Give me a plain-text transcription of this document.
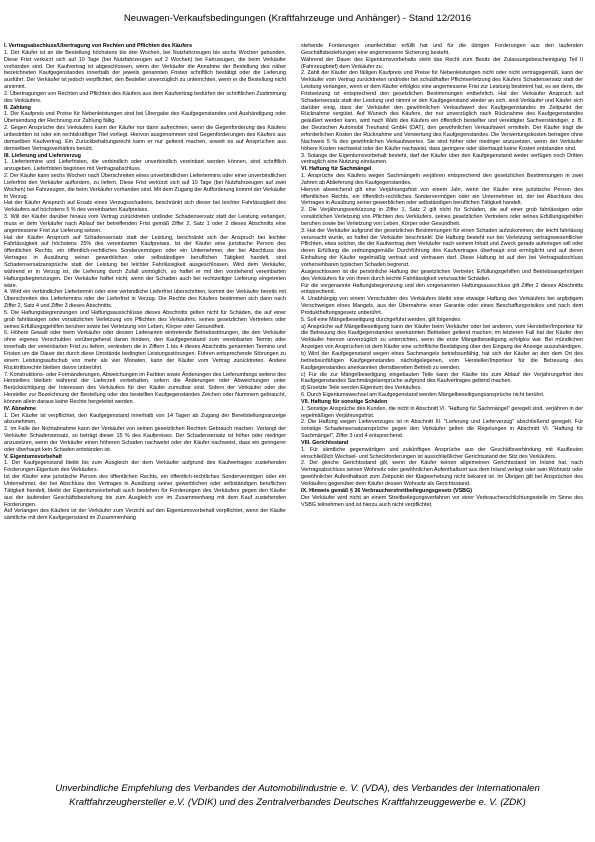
Neuwagen-Verkaufsbedingungen (Kraftfahrzeuge und Anhänger) - Stand 12/2016
I. Vertragsabschluss/Übertragung von Rechten und Pflichten des Käufers

1. Der Käufer ist an die Bestellung höchstens bis drei Wochen, bei Nutzfahrzeugen bis sechs Wochen gebunden. Diese Frist verkürzt sich auf 10 Tage (bei Nutzfahrzeugen auf 2 Wochen) bei Fahrzeugen, die beim Verkäufer vorhanden sind. Der Kaufvertrag ist abgeschlossen, wenn der Verkäufer die Annahme der Bestellung des näher bezeichneten Kaufgegenstandes innerhalb der jeweils genannten Fristen schriftlich bestätigt oder die Lieferung ausführt. Der Verkäufer ist jedoch verpflichtet, den Besteller unverzüglich zu unterrichten, wenn er die Bestellung nicht annimmt.

2. Übertragungen von Rechten und Pflichten des Käufers aus dem Kaufvertrag bedürfen der schriftlichen Zustimmung des Verkäufers.

II. Zahlung

1. Der Kaufpreis und Preise für Nebenleistungen sind bei Übergabe des Kaufgegenstandes und Aushändigung oder Übersendung der Rechnung zur Zahlung fällig.

2. Gegen Ansprüche des Verkäufers kann der Käufer nur dann aufrechnen, wenn die Gegenforderung des Käufers unbestritten ist oder ein rechtskräftiger Titel vorliegt. Hiervon ausgenommen sind Gegenforderungen des Käufers aus demselben Kaufvertrag. Ein Zurückbehaltungsrecht kann er nur geltend machen, soweit es auf Ansprüchen aus demselben Vertragsverhältnis beruht.

III. Lieferung und Lieferverzug

1. Liefertermine und Lieferfristen, die verbindlich oder unverbindlich vereinbart werden können, sind schriftlich anzugeben. Lieferfristen beginnen mit Vertragsabschluss.

2. Der Käufer kann sechs Wochen nach Überschreiten eines unverbindlichen Liefertermins oder einer unverbindlichen Lieferfrist den Verkäufer auffordern, zu liefern. Diese Frist verkürzt sich auf 10 Tage (bei Nutzfahrzeugen auf zwei Wochen) bei Fahrzeugen, die beim Verkäufer vorhanden sind. Mit dem Zugang der Aufforderung kommt der Verkäufer in Verzug.

Hat der Käufer Anspruch auf Ersatz eines Verzugsschadens, beschränkt sich dieser bei leichter Fahrlässigkeit des Verkäufers auf höchstens 5 % des vereinbarten Kaufpreises.

3. Will der Käufer darüber hinaus vom Vertrag zurücktreten und/oder Schadensersatz statt der Leistung verlangen, muss er dem Verkäufer nach Ablauf der betreffenden Frist gemäß Ziffer 2, Satz 1 oder 2 dieses Abschnitts eine angemessene Frist zur Lieferung setzen.

Hat der Käufer Anspruch auf Schadensersatz statt der Leistung, beschränkt sich der Anspruch bei leichter Fahrlässigkeit auf höchstens 25% des vereinbarten Kaufpreises. Ist der Käufer eine juristische Person des öffentlichen Rechts, ein öffentlich-rechtliches Sondervermögen oder ein Unternehmer, der bei Abschluss des Vertrages in Ausübung seiner gewerblichen oder selbständigen beruflichen Tätigkeit handelt, sind Schadensersatzansprüche statt der Leistung bei leichter Fahrlässigkeit ausgeschlossen. Wird dem Verkäufer, während er in Verzug ist, die Lieferung durch Zufall unmöglich, so haftet er mit den vorstehend vereinbarten Haftungsbegrenzungen. Der Verkäufer haftet nicht, wenn der Schaden auch bei rechtzeitiger Lieferung eingetreten wäre.

4. Wird ein verbindlicher Liefertermin oder eine verbindliche Lieferfrist überschritten, kommt der Verkäufer bereits mit Überschreiten des Liefertermins oder der Lieferfrist in Verzug. Die Rechte des Käufers bestimmen sich dann nach Ziffer 2, Satz 4 und Ziffer 3 dieses Abschnitts.

5. Die Haftungsbegrenzungen und Haftungsausschlüsse dieses Abschnitts gelten nicht für Schäden, die auf einer grob fahrlässigen oder vorsätzlichen Verletzung von Pflichten des Verkäufers, seines gesetzlichen Vertreters oder seines Erfüllungsgehilfen beruhen sowie bei Verletzung von Leben, Körper oder Gesundheit.

6. Höhere Gewalt oder beim Verkäufer oder dessen Lieferanten eintretende Betriebsstörungen, die den Verkäufer ohne eigenes Verschulden vorübergehend daran hindern, den Kaufgegenstand zum vereinbarten Termin oder innerhalb der vereinbarten Frist zu liefern, verändern die in Ziffern 1 bis 4 dieses Abschnitts genannten Termine und Fristen um die Dauer der durch diese Umstände bedingten Leistungsstörungen. Führen entsprechende Störungen zu einem Leistungsaufschub von mehr als vier Monaten, kann der Käufer vom Vertrag zurücktreten. Andere Rücktrittsrechte bleiben davon unberührt.

7. Konstruktions- oder Formänderungen, Abweichungen im Farbton sowie Änderungen des Lieferumfangs seitens des Herstellers bleiben während der Lieferzeit vorbehalten, sofern die Änderungen oder Abweichungen unter Berücksichtigung der Interessen des Verkäufers für den Käufer zumutbar sind. Sofern der Verkäufer oder der Hersteller zur Bezeichnung der Bestellung oder des bestellten Kaufgegenstandes Zeichen oder Nummern gebraucht, können allein daraus keine Rechte hergeleitet werden.

IV. Abnahme

1. Der Käufer ist verpflichtet, den Kaufgegenstand innerhalb von 14 Tagen ab Zugang der Bereitstellungsanzeige abzunehmen.

2. Im Falle der Nichtabnahme kann der Verkäufer von seinen gesetzlichen Rechten Gebrauch machen. Verlangt der Verkäufer Schadensersatz, so beträgt dieser 15 % des Kaufpreises. Der Schadensersatz ist höher oder niedriger anzusetzen, wenn der Verkäufer einen höheren Schaden nachweist oder der Käufer nachweist, dass ein geringerer oder überhaupt kein Schaden entstanden ist.

V. Eigentumsvorbehalt

1. Der Kaufgegenstand bleibt bis zum Ausgleich der dem Verkäufer aufgrund des Kaufvertrages zustehenden Forderungen Eigentum des Verkäufers.

Ist der Käufer eine juristische Person des öffentlichen Rechts, ein öffentlich-rechtliches Sondervermögen oder ein Unternehmer, der bei Abschluss des Vertrages in Ausübung seiner gewerblichen oder selbständigen beruflichen Tätigkeit handelt, bleibt der Eigentumsvorbehalt auch bestehen für Forderungen des Verkäufers gegen den Käufer aus der laufenden Geschäftsbeziehung bis zum Ausgleich von im Zusammenhang mit dem Kauf zustehenden Forderungen.

Auf Verlangen des Käufers ist der Verkäufer zum Verzicht auf den Eigentumsvorbehalt verpflichtet, wenn der Käufer sämtliche mit dem Kaufgegenstand im Zusammenhang

stehende Forderungen unanfechtbar erfüllt hat und für die übrigen Forderungen aus den laufenden Geschäftsbeziehungen eine angemessene Sicherung besteht.

Während der Dauer des Eigentumsvorbehalts steht das Recht zum Besitz der Zulassungsbescheinigung Teil II (Fahrzeugbrief) dem Verkäufer zu.

2. Zahlt der Käufer den fälligen Kaufpreis und Preise für Nebenleistungen nicht oder nicht vertragsgemäß, kann der Verkäufer vom Vertrag zurücktreten und/oder bei schuldhafter Pflichtverletzung des Käufers Schadensersatz statt der Leistung verlangen, wenn er dem Käufer erfolglos eine angemessene Frist zur Leistung bestimmt hat, es sei denn, die Fristsetzung ist entsprechend den gesetzlichen Bestimmungen entbehrlich. Hat der Verkäufer Anspruch auf Schadensersatz statt der Leistung und nimmt er den Kaufgegenstand wieder an sich, sind Verkäufer und Käufer sich darüber einig, dass der Verkäufer den gewöhnlichen Verkaufswert des Kaufgegenstandes im Zeitpunkt der Rücknahme vergütet. Auf Wunsch des Käufers, der nur unverzüglich nach Rücknahme des Kaufgegenstandes geäußert werden kann, wird nach Wahl des Käufers ein öffentlich bestellter und vereidigter Sachverständiger, z. B. der Deutschen Automobil Treuhand GmbH (DAT), den gewöhnlichen Verkaufswert ermitteln. Der Käufer trägt die erforderlichen Kosten der Rücknahme und Verwertung des Kaufgegenstandes. Die Verwertungskosten betragen ohne Nachweis 5 % des gewöhnlichen Verkaufswertes. Sie sind höher oder niedriger anzusetzen, wenn der Verkäufer höhere Kosten nachweist oder der Käufer nachweist, dass geringere oder überhaupt keine Kosten entstanden sind.

3. Solange der Eigentumsvorbehalt besteht, darf der Käufer über den Kaufgegenstand weder verfügen noch Dritten vertraglich eine Nutzung einräumen.

VI. Haftung für Sachmängel

1. Ansprüche des Käufers wegen Sachmängeln verjähren entsprechend den gesetzlichen Bestimmungen in zwei Jahren ab Ablieferung des Kaufgegenstandes.

Hiervon abweichend gilt eine Verjährungsfrist von einem Jahr, wenn der Käufer eine juristische Person des öffentlichen Rechts, ein öffentlich-rechtliches Sondervermögen oder ein Unternehmer ist, der bei Abschluss des Vertrages in Ausübung seiner gewerblichen oder selbständigen beruflichen Tätigkeit handelt.

2. Die Verjährungsverkürzung in Ziffer 1, Satz 2 gilt nicht für Schäden, die auf einer grob fahrlässigen oder vorsätzlichen Verletzung von Pflichten des Verkäufers, seines gesetzlichen Vertreters oder seines Erfüllungsgehilfen beruhen sowie bei Verletzung von Leben, Körper oder Gesundheit.

3. Hat der Verkäufer aufgrund der gesetzlichen Bestimmungen für einen Schaden aufzukommen, der leicht fahrlässig verursacht wurde, so haftet der Verkäufer beschränkt: Die Haftung besteht nur bei Verletzung vertragswesentlicher Pflichten, etwa solcher, die der Kaufvertrag dem Verkäufer nach seinem Inhalt und Zweck gerade auferlegen will oder deren Erfüllung die ordnungsgemäße Durchführung des Kaufvertrages überhaupt erst ermöglicht und auf deren Einhaltung der Käufer regelmäßig vertraut und vertrauen darf. Diese Haftung ist auf den bei Vertragsabschluss vorhersehbaren typischen Schaden begrenzt.

Ausgeschlossen ist die persönliche Haftung der gesetzlichen Vertreter, Erfüllungsgehilfen und Betriebsangehörigen des Verkäufers für von ihnen durch leichte Fahrlässigkeit verursachte Schäden.

Für die vorgenannte Haftungsbegrenzung und den vorgenannten Haftungsausschluss gilt Ziffer 2 dieses Abschnitts entsprechend.

4. Unabhängig von einem Verschulden des Verkäufers bleibt eine etwaige Haftung des Verkäufers bei arglistigem Verschweigen eines Mangels, aus der Übernahme einer Garantie oder eines Beschaffungsrisikos und nach dem Produkthaftungsgesetz unberührt.

5. Soll eine Mängelbeseitigung durchgeführt werden, gilt folgendes:

a) Ansprüche auf Mängelbeseitigung kann der Käufer beim Verkäufer oder bei anderen, vom Hersteller/Importeur für die Betreuung des Kaufgegenstandes anerkannten Betrieben geltend machen; im letzteren Fall hat der Käufer den Verkäufer hiervon unverzüglich zu unterrichten, wenn die erste Mängelbeseitigung erfolglos war. Bei mündlichen Anzeigen von Ansprüchen ist dem Käufer eine schriftliche Bestätigung über den Eingang der Anzeige auszuhändigen.

b) Wird der Kaufgegenstand wegen eines Sachmangels betriebsunfähig, hat sich der Käufer an den dem Ort des betriebsunfähigen Kaufgegenstandes nächstgelegenen, vom Hersteller/Importeur für die Betreuung des Kaufgegenstandes anerkannten dienstbereiten Betrieb zu wenden.

c) Für die zur Mängelbeseitigung eingebauten Teile kann der Käufer bis zum Ablauf der Verjährungsfrist des Kaufgegenstandes Sachmängelansprüche aufgrund des Kaufvertrages geltend machen.

d) Ersetzte Teile werden Eigentum des Verkäufers.

6. Durch Eigentumswechsel am Kaufgegenstand werden Mängelbeseitigungsansprüche nicht berührt.

VII. Haftung für sonstige Schäden

1. Sonstige Ansprüche des Kunden, die nicht in Abschnitt VI. "Haftung für Sachmängel" geregelt sind, verjähren in der regelmäßigen Verjährungsfrist.

2. Die Haftung wegen Lieferverzuges ist in Abschnitt III. "Lieferung und Lieferverzug" abschließend geregelt. Für sonstige Schadensersatzansprüche gegen den Verkäufer gelten die Regelungen in Abschnitt VI. "Haftung für Sachmängel", Ziffer 3 und 4 entsprechend.

VIII. Gerichtsstand

1. Für sämtliche gegenwärtigen und zukünftigen Ansprüche aus der Geschäftsverbindung mit Kaufleuten einschließlich Wechsel- und Scheckforderungen ist ausschließlicher Gerichtsstand der Sitz des Verkäufers.

2. Der gleiche Gerichtsstand gilt, wenn der Käufer keinen allgemeinen Gerichtsstand im Inland hat, nach Vertragsabschluss seinen Wohnsitz oder gewöhnlichen Aufenthaltsort aus dem Inland verlegt oder sein Wohnsitz oder gewöhnlicher Aufenthaltsort zum Zeitpunkt der Klageerhebung nicht bekannt ist. Im Übrigen gilt bei Ansprüchen des Verkäufers gegenüber dem Käufer dessen Wohnsitz als Gerichtsstand.

IX. Hinweis gemäß § 36 Verbraucherstreitbeilegungsgesetz (VSBG)

Der Verkäufer wird nicht an einem Streitbeilegungsverfahren vor einer Verbraucherschlichtungsstelle im Sinne des VSBG teilnehmen und ist hierzu auch nicht verpflichtet.

Unverbindliche Empfehlung des Verbandes der Automobilindustrie e. V. (VDA), des Verbandes der Internationalen

Kraftfahrzeughersteller e.V. (VDIK) und des Zentralverbandes Deutsches Kraftfahrzeuggewerbe e. V. (ZDK)
